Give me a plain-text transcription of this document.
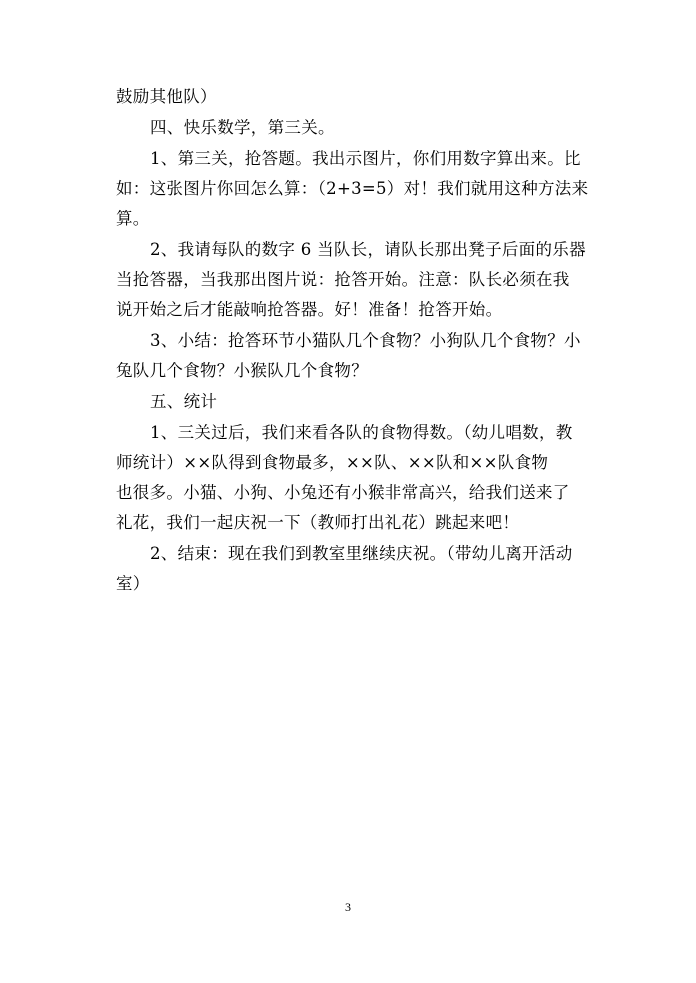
鼓励其他队）
四、快乐数学，第三关。
1、第三关，抢答题。我出示图片，你们用数字算出来。比
如：这张图片你回怎么算：（2+3=5）对！我们就用这种方法来
算。
2、我请每队的数字 6 当队长，请队长那出凳子后面的乐器
当抢答器，当我那出图片说：抢答开始。注意：队长必须在我
说开始之后才能敲响抢答器。好！准备！抢答开始。
3、小结：抢答环节小猫队几个食物？小狗队几个食物？小
兔队几个食物？小猴队几个食物？
五、统计
1、三关过后，我们来看各队的食物得数。（幼儿唱数，教
师统计）××队得到食物最多，××队、××队和××队食物
也很多。小猫、小狗、小兔还有小猴非常高兴，给我们送来了
礼花，我们一起庆祝一下（教师打出礼花）跳起来吧！
2、结束：现在我们到教室里继续庆祝。（带幼儿离开活动
室）
3
